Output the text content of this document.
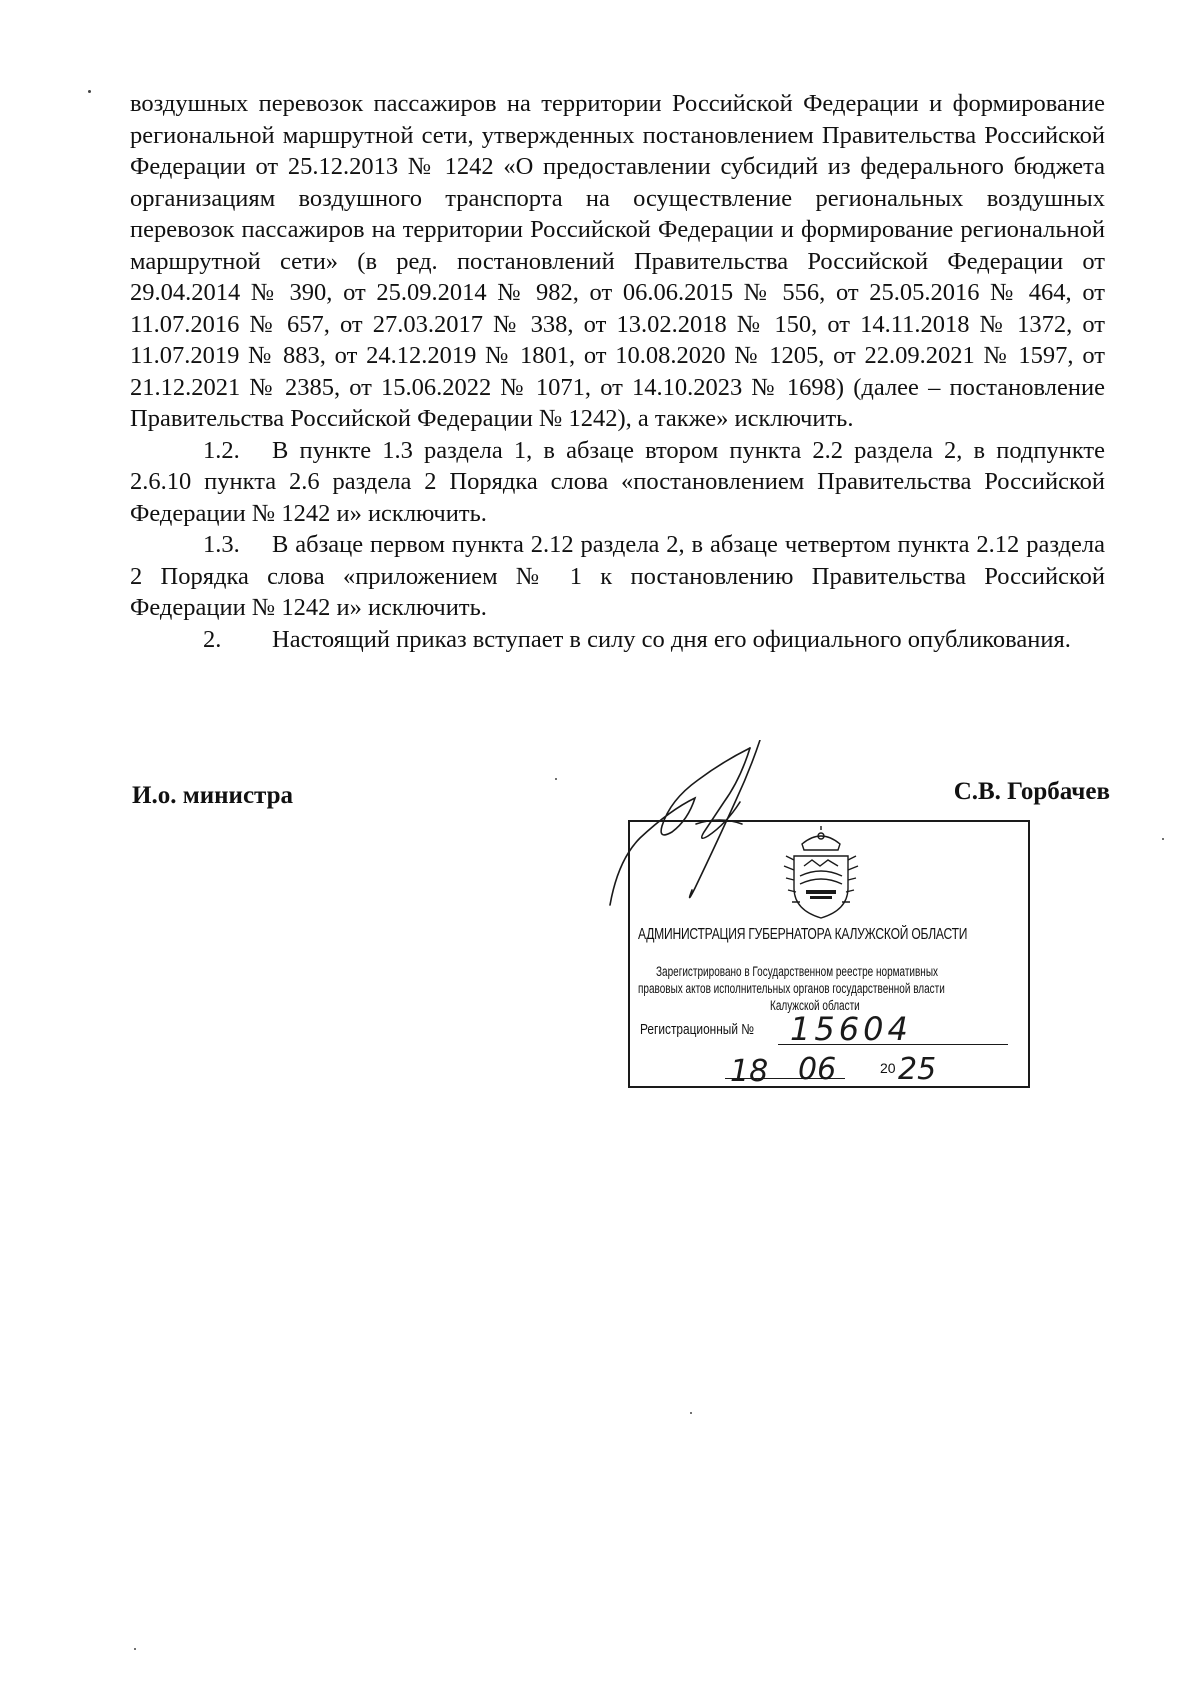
воздушных перевозок пассажиров на территории Российской Федерации и формирование региональной маршрутной сети, утвержденных постановлением Правительства Российской Федерации от 25.12.2013 № 1242 «О предоставлении субсидий из федерального бюджета организациям воздушного транспорта на осуществление региональных воздушных перевозок пассажиров на территории Российской Федерации и формирование региональной маршрутной сети» (в ред. постановлений Правительства Российской Федерации от 29.04.2014 № 390, от 25.09.2014 № 982, от 06.06.2015 № 556, от 25.05.2016 № 464, от 11.07.2016 № 657, от 27.03.2017 № 338, от 13.02.2018 № 150, от 14.11.2018 № 1372, от 11.07.2019 № 883, от 24.12.2019 № 1801, от 10.08.2020 № 1205, от 22.09.2021 № 1597, от 21.12.2021 № 2385, от 15.06.2022 № 1071, от 14.10.2023 № 1698) (далее – постановление Правительства Российской Федерации № 1242), а также» исключить.

1.2. В пункте 1.3 раздела 1, в абзаце втором пункта 2.2 раздела 2, в подпункте 2.6.10 пункта 2.6 раздела 2 Порядка слова «постановлением Правительства Российской Федерации № 1242 и» исключить.

1.3. В абзаце первом пункта 2.12 раздела 2, в абзаце четвертом пункта 2.12 раздела 2 Порядка слова «приложением № 1 к постановлению Правительства Российской Федерации № 1242 и» исключить.

2. Настоящий приказ вступает в силу со дня его официального опубликования.

И.о. министра	С.В. Горбачев

АДМИНИСТРАЦИЯ ГУБЕРНАТОРА КАЛУЖСКОЙ ОБЛАСТИ
Зарегистрировано в Государственном реестре нормативных
правовых актов исполнительных органов государственной власти
Калужской области
Регистрационный № 15604
18 06	20 25
